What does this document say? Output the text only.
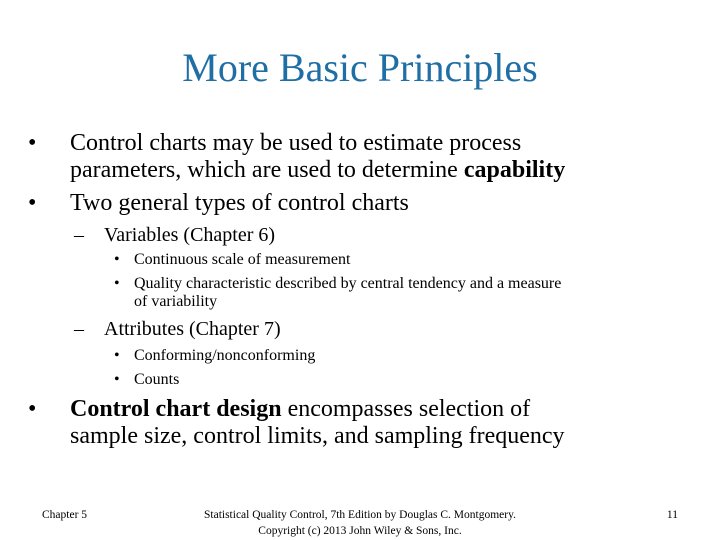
More Basic Principles
• Control charts may be used to estimate process
parameters, which are used to determine capability
• Two general types of control charts
– Variables (Chapter 6)
• Continuous scale of measurement
• Quality characteristic described by central tendency and a measure
of variability
– Attributes (Chapter 7)
• Conforming/nonconforming
• Counts
• Control chart design encompasses selection of
sample size, control limits, and sampling frequency
Chapter 5	Statistical Quality Control, 7th Edition by Douglas C. Montgomery.
Copyright (c) 2013 John Wiley & Sons, Inc.
11
